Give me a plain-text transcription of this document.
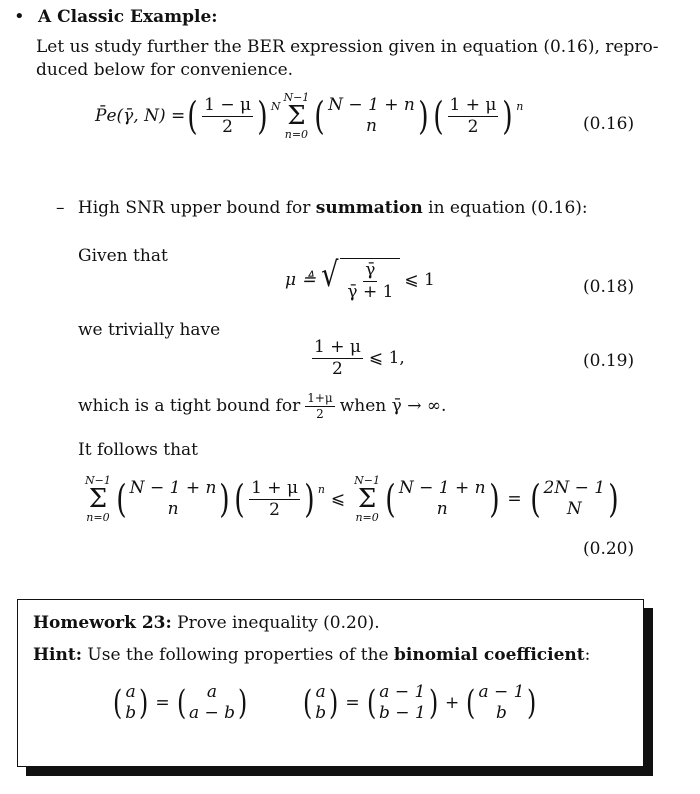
• A Classic Example:
Let us study further the BER expression given in equation (0.16), repro-
duced below for convenience.
P̄e(γ̄, N) = ( $\frac{1 - \mu}{2}$ ) $^N$
N−1
Σ
n=0 ( N − 1 + n
n ) ( $\frac{1 + \mu}{2}$ ) $^n$
(0.16)
– High SNR upper bound for summation in equation (0.16):
Given that
μ ≜ √ $\frac{\gammā}{\gammā + 1}$ ⩽ 1	(0.18)
we trivially have
$\frac{1 + \mu}{2}$ ⩽ 1,	(0.19)
which is a tight bound for $\frac{1+\mu}{2}$ when γ̄ → ∞.
It follows that
N−1
Σ
n=0 ( N − 1 + n
n ) ( $\frac{1 + \mu}{2}$ ) $^n$ ⩽
N−1
Σ
n=0 ( N − 1 + n
n ) = ( 2N − 1
N )
(0.20)
Homework 23: Prove inequality (0.20).
Hint: Use the following properties of the binomial coefficient:
( a
b ) = ( a
a − b ) ( a
b ) = ( a − 1
b − 1 ) + ( a − 1
b )
